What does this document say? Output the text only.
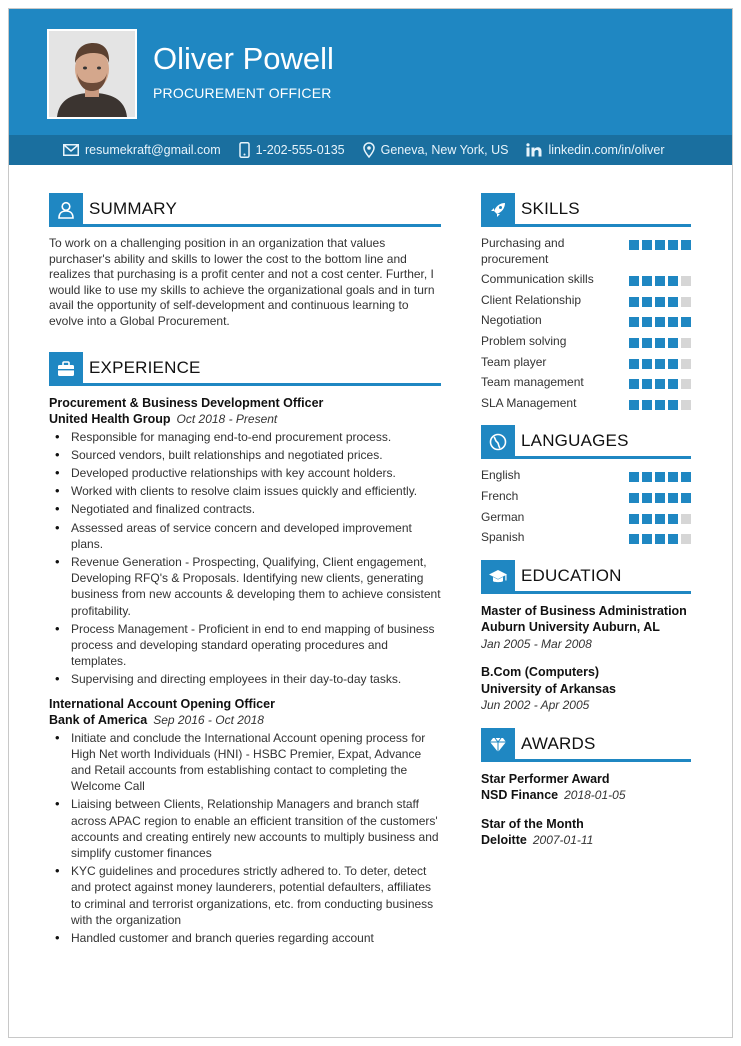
Oliver Powell
PROCUREMENT OFFICER
resumekraft@gmail.com	1-202-555-0135	Geneva, New York, US	linkedin.com/in/oliver
SUMMARY

To work on a challenging position in an organization that values purchaser's ability and skills to lower the cost to the bottom line and realizes that purchasing is a profit center and not a cost center. Further, I would like to use my skills to achieve the organizational goals and in turn avail the opportunity of self-development and continuous learning to evolve into a Global Procurement.

EXPERIENCE
Procurement & Business Development Officer
United Health Group Oct 2018 - Present
• Responsible for managing end-to-end procurement process.
• Sourced vendors, built relationships and negotiated prices.
• Developed productive relationships with key account holders.
• Worked with clients to resolve claim issues quickly and efficiently.
• Negotiated and finalized contracts.
• Assessed areas of service concern and developed improvement plans.
• Revenue Generation - Prospecting, Qualifying, Client engagement, Developing RFQ's & Proposals. Identifying new clients, generating business from new accounts & developing them to achieve consistent profitability.
• Process Management - Proficient in end to end mapping of business process and developing standard operating procedures and templates.
• Supervising and directing employees in their day-to-day tasks.
International Account Opening Officer
Bank of America Sep 2016 - Oct 2018
• Initiate and conclude the International Account opening process for High Net worth Individuals (HNI) - HSBC Premier, Expat, Advance and Retail accounts from establishing contact to completing the Welcome Call
• Liaising between Clients, Relationship Managers and branch staff across APAC region to enable an efficient transition of the customers' accounts and creating entirely new accounts to multiply business and simplify customer finances
• KYC guidelines and procedures strictly adhered to. To deter, detect and protect against money launderers, potential defaulters, affiliates to criminal and terrorist organizations, etc. from conducting business with the organization
• Handled customer and branch queries regarding account
SKILLS
Purchasing and procurement
Communication skills
Client Relationship
Negotiation
Problem solving
Team player
Team management
SLA Management
LANGUAGES
English
French
German
Spanish
EDUCATION
Master of Business Administration
Auburn University Auburn, AL
Jan 2005 - Mar 2008
B.Com (Computers)
University of Arkansas
Jun 2002 - Apr 2005
AWARDS
Star Performer Award
NSD Finance 2018-01-05
Star of the Month
Deloitte 2007-01-11
